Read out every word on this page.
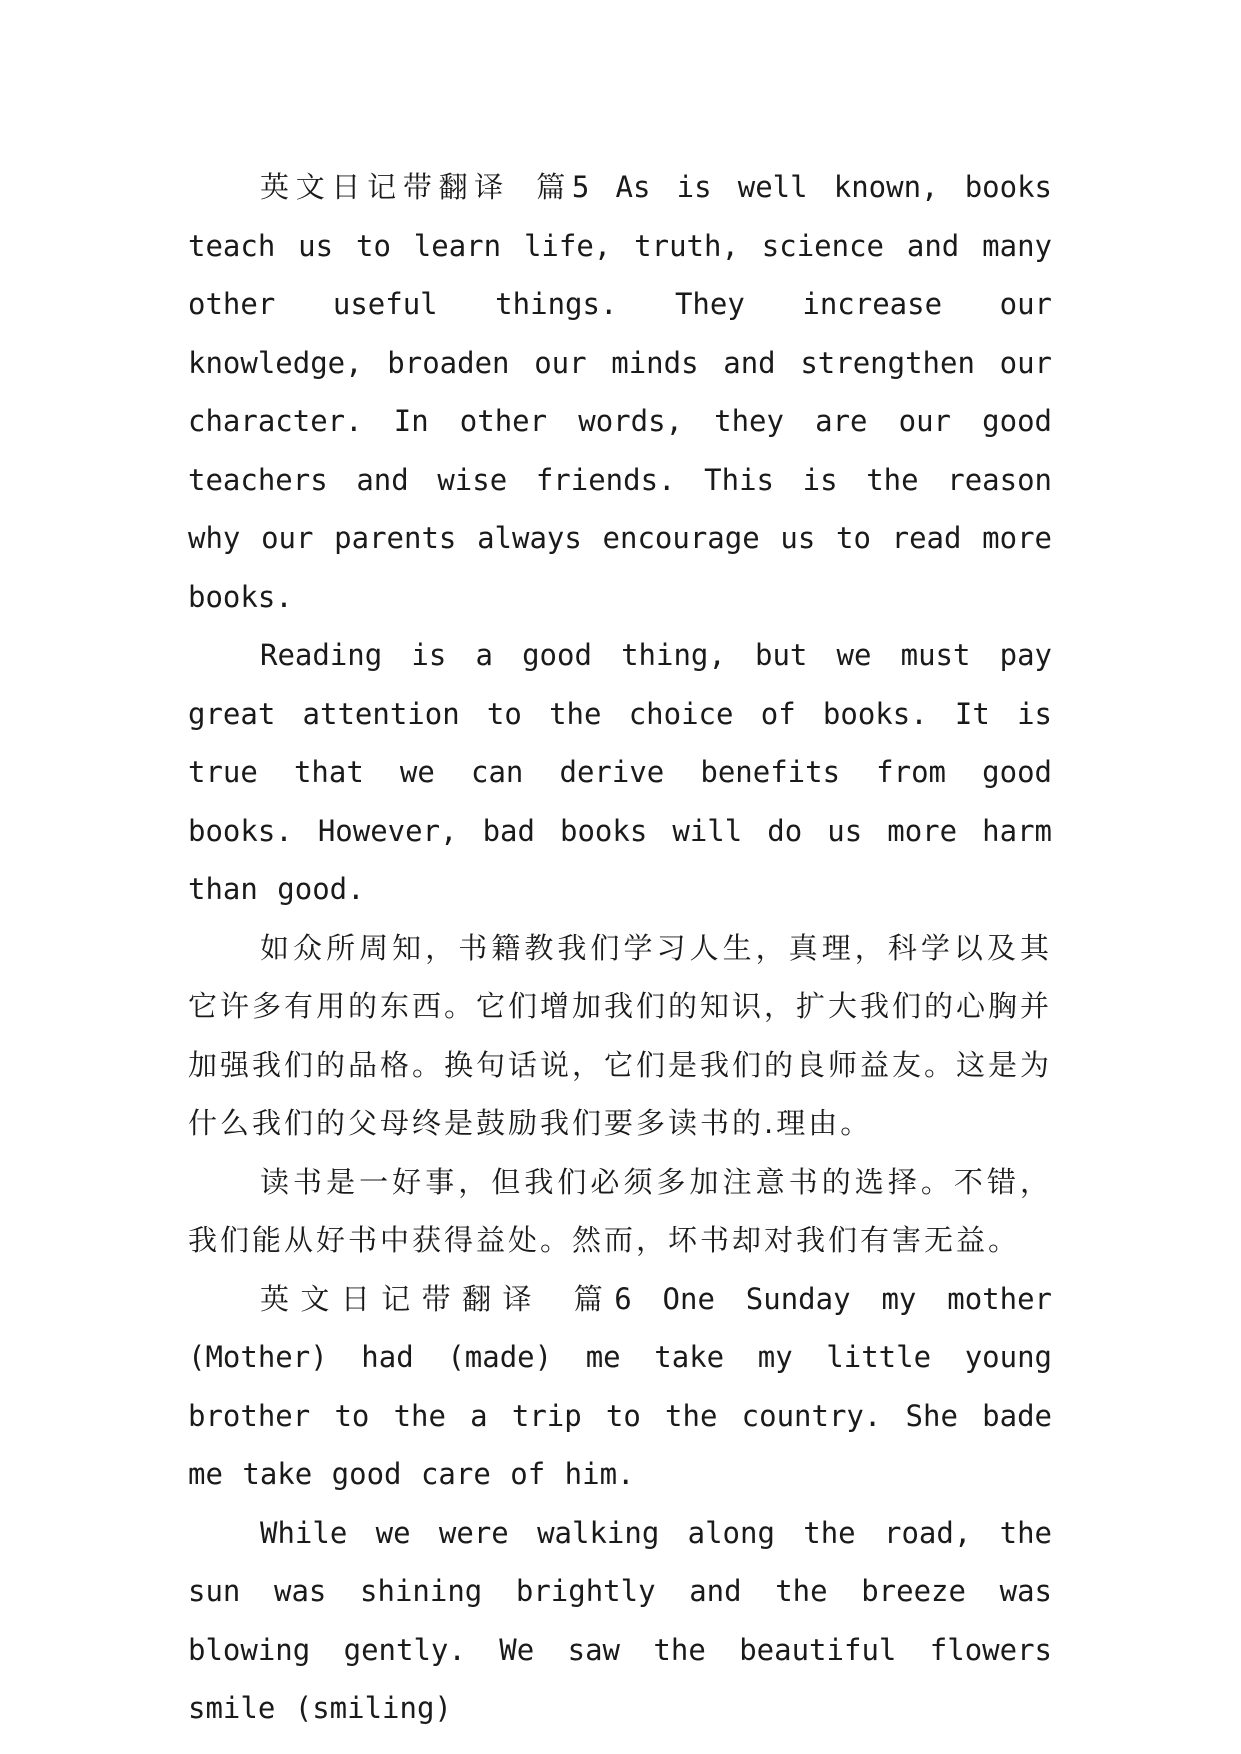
英文日记带翻译 篇5 As is well known, books teach us to learn life, truth, science and many other useful things. They increase our knowledge, broaden our minds and strengthen our character. In other words, they are our good teachers and wise friends. This is the reason why our parents always encourage us to read more books.

Reading is a good thing, but we must pay great attention to the choice of books. It is true that we can derive benefits from good books. However, bad books will do us more harm than good.

如众所周知，书籍教我们学习人生，真理，科学以及其它许多有用的东西。它们增加我们的知识，扩大我们的心胸并加强我们的品格。换句话说，它们是我们的良师益友。这是为什么我们的父母终是鼓励我们要多读书的.理由。

读书是一好事，但我们必须多加注意书的选择。不错，我们能从好书中获得益处。然而，坏书却对我们有害无益。

英文日记带翻译 篇6 One Sunday my mother (Mother) had (made) me take my little young brother to the a trip to the country. She bade me take good care of him.

While we were walking along the road, the sun was shining brightly and the breeze was blowing gently. We saw the beautiful flowers smile (smiling)
